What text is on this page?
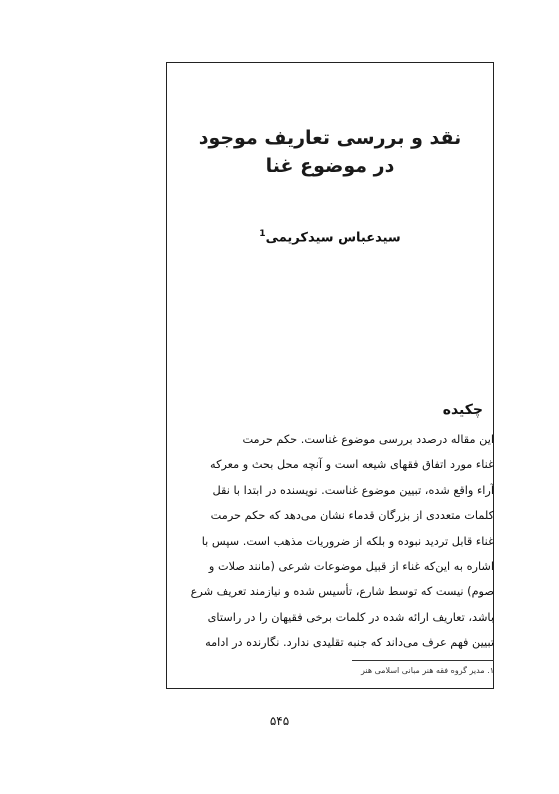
نقد و بررسی تعاریف موجود
در موضوع غنا
سیدعباس سیدکریمی$^1$
چکیده
این مقاله درصدد بررسی موضوع غناست. حکم حرمت
غناء مورد اتفاق فقهای شیعه است و آنچه محل بحث و معرکه
آراء واقع شده، تبیین موضوع غناست. نویسنده در ابتدا با نقل
کلمات متعددی از بزرگان قدماء نشان می‌دهد که حکم حرمت
غناء قابل تردید نبوده و بلکه از ضروریات مذهب است. سپس با
اشاره به این‌که غناء از قبیل موضوعات شرعی (مانند صلات و
صوم) نیست که توسط شارع، تأسیس شده و نیازمند تعریف شرع
باشد، تعاریف ارائه شده در کلمات برخی فقیهان را در راستای
تبیین فهم عرف می‌داند که جنبه تقلیدی ندارد. نگارنده در ادامه
۱. مدیر گروه فقه هنر مبانی اسلامی هنر
۵۴۵
